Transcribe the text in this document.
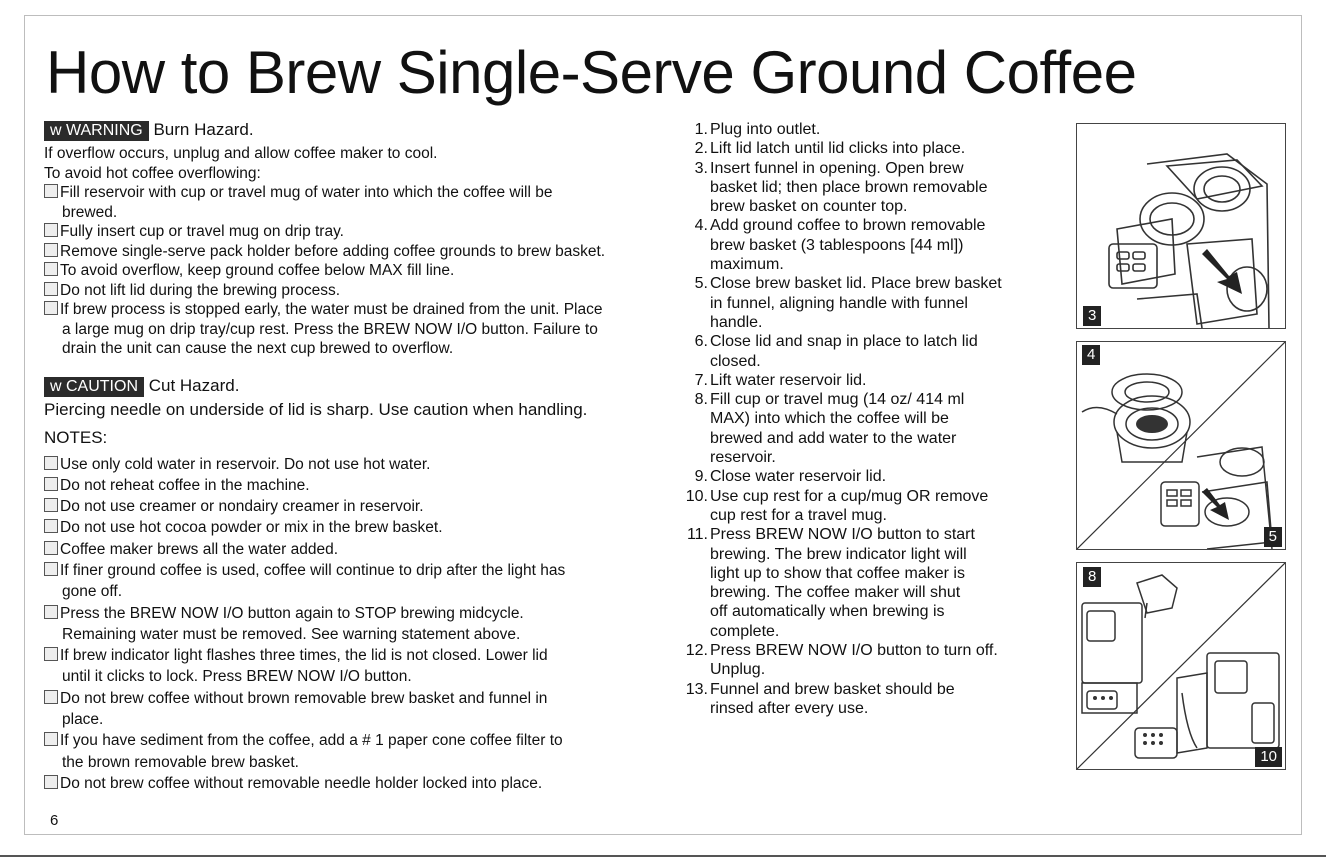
How to Brew Single-Serve Ground Coffee
w WARNING Burn Hazard.
If overflow occurs, unplug and allow coffee maker to cool.
To avoid hot coffee overflowing:
Fill reservoir with cup or travel mug of water into which the coffee will be
brewed.
Fully insert cup or travel mug on drip tray.
Remove single-serve pack holder before adding coffee grounds to brew basket.
To avoid overflow, keep ground coffee below MAX fill line.
Do not lift lid during the brewing process.
If brew process is stopped early, the water must be drained from the unit. Place
a large mug on drip tray/cup rest. Press the BREW NOW I/O button. Failure to
drain the unit can cause the next cup brewed to overflow.
w CAUTION Cut Hazard.
Piercing needle on underside of lid is sharp. Use caution when handling.
NOTES:
Use only cold water in reservoir. Do not use hot water.
Do not reheat coffee in the machine.
Do not use creamer or nondairy creamer in reservoir.
Do not use hot cocoa powder or mix in the brew basket.
Coffee maker brews all the water added.
If finer ground coffee is used, coffee will continue to drip after the light has
gone off.
Press the BREW NOW I/O button again to STOP brewing midcycle.
Remaining water must be removed. See warning statement above.
If brew indicator light flashes three times, the lid is not closed. Lower lid
until it clicks to lock. Press BREW NOW I/O button.
Do not brew coffee without brown removable brew basket and funnel in
place.
If you have sediment from the coffee, add a # 1 paper cone coffee filter to
the brown removable brew basket.
Do not brew coffee without removable needle holder locked into place.
1. Plug into outlet.
2. Lift lid latch until lid clicks into place.
3. Insert funnel in opening. Open brew
basket lid; then place brown removable
brew basket on counter top.
4. Add ground coffee to brown removable
brew basket (3 tablespoons [44 ml])
maximum.
5. Close brew basket lid. Place brew basket
in funnel, aligning handle with funnel
handle.
6. Close lid and snap in place to latch lid
closed.
7. Lift water reservoir lid.
8. Fill cup or travel mug (14 oz/ 414 ml
MAX) into which the coffee will be
brewed and add water to the water
reservoir.
9. Close water reservoir lid.
10. Use cup rest for a cup/mug OR remove
cup rest for a travel mug.
11. Press BREW NOW I/O button to start
brewing. The brew indicator light will
light up to show that coffee maker is
brewing. The coffee maker will shut
off automatically when brewing is
complete.
12. Press BREW NOW I/O button to turn off.
Unplug.
13. Funnel and brew basket should be
rinsed after every use.
3
4
5
8
10
6
